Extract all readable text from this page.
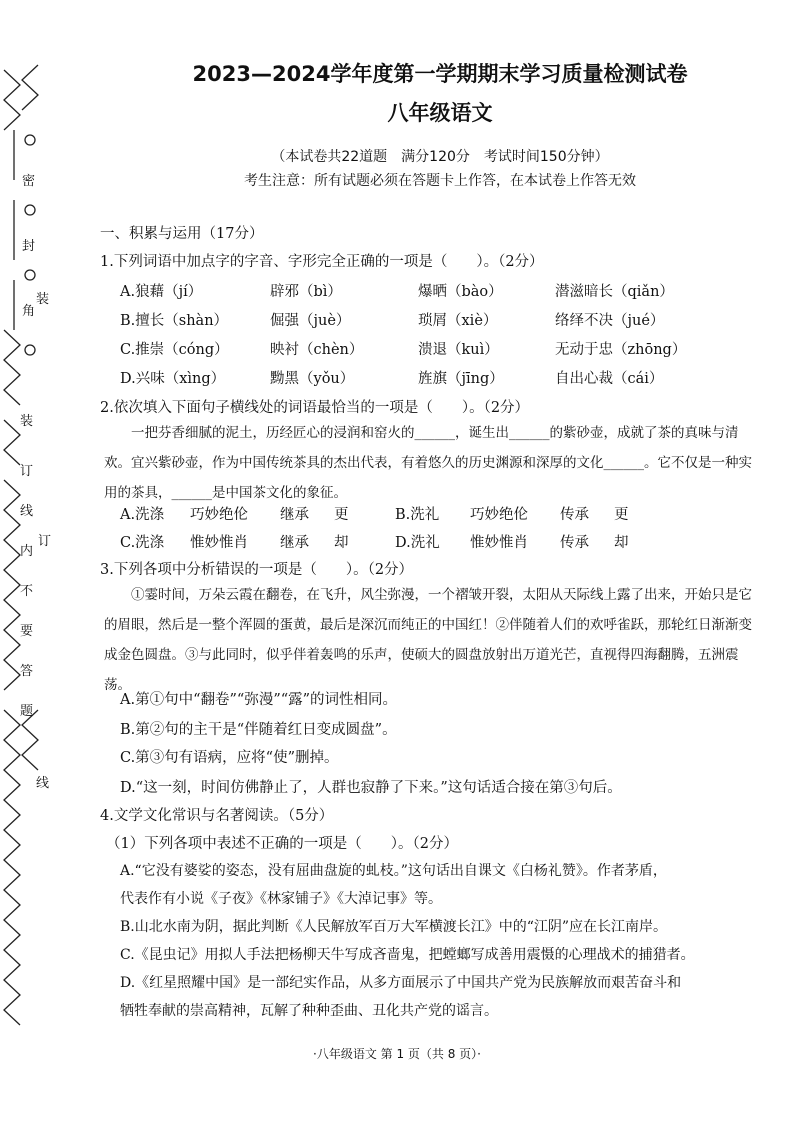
密
封
装
角
装
订
线
内
不
要
答
题
订
线
2023—2024学年度第一学期期末学习质量检测试卷
八年级语文
（本试卷共22道题　满分120分　考试时间150分钟）
考生注意：所有试题必须在答题卡上作答，在本试卷上作答无效
一、积累与运用（17分）
1.下列词语中加点字的字音、字形完全正确的一项是（　　）。（2分）
A.狼藉（jí）	辟邪（bì）	爆晒（bào）	潜滋暗长（qiǎn）
B.擅长（shàn）	倔强（juè）	琐屑（xiè）	络绎不决（jué）
C.推崇（cóng）	映衬（chèn）	溃退（kuì）	无动于忠（zhōng）
D.兴味（xìng）	黝黑（yǒu）	旌旗（jīng）	自出心裁（cái）
2.依次填入下面句子横线处的词语最恰当的一项是（　　）。（2分）
一把芬香细腻的泥土，历经匠心的浸润和窑火的______，诞生出______的紫砂壶，成就了茶的真味与清欢。宜兴紫砂壶，作为中国传统茶具的杰出代表，有着悠久的历史渊源和深厚的文化______。它不仅是一种实用的茶具，______是中国茶文化的象征。
A.洗涤 巧妙绝伦 继承 更	B.洗礼 巧妙绝伦 传承 更
C.洗涤 惟妙惟肖 继承 却	D.洗礼 惟妙惟肖 传承 却
3.下列各项中分析错误的一项是（　　）。（2分）
①霎时间，万朵云霞在翻卷，在飞升，风尘弥漫，一个褶皱开裂，太阳从天际线上露了出来，开始只是它的眉眼，然后是一整个浑圆的蛋黄，最后是深沉而纯正的中国红！②伴随着人们的欢呼雀跃，那轮红日渐渐变成金色圆盘。③与此同时，似乎伴着轰鸣的乐声，使硕大的圆盘放射出万道光芒，直视得四海翻腾，五洲震荡。
A.第①句中“翻卷”“弥漫”“露”的词性相同。
B.第②句的主干是“伴随着红日变成圆盘”。
C.第③句有语病，应将“使”删掉。
D.“这一刻，时间仿佛静止了，人群也寂静了下来。”这句话适合接在第③句后。
4.文学文化常识与名著阅读。（5分）
（1）下列各项中表述不正确的一项是（　　）。（2分）
A.“它没有婆娑的姿态，没有屈曲盘旋的虬枝。”这句话出自课文《白杨礼赞》。作者茅盾，
代表作有小说《子夜》《林家铺子》《大淖记事》等。
B.山北水南为阴，据此判断《人民解放军百万大军横渡长江》中的“江阴”应在长江南岸。
C.《昆虫记》用拟人手法把杨柳天牛写成吝啬鬼，把螳螂写成善用震慑的心理战术的捕猎者。
D.《红星照耀中国》是一部纪实作品，从多方面展示了中国共产党为民族解放而艰苦奋斗和
牺牲奉献的崇高精神，瓦解了种种歪曲、丑化共产党的谣言。
·八年级语文 第 1 页（共 8 页）·
